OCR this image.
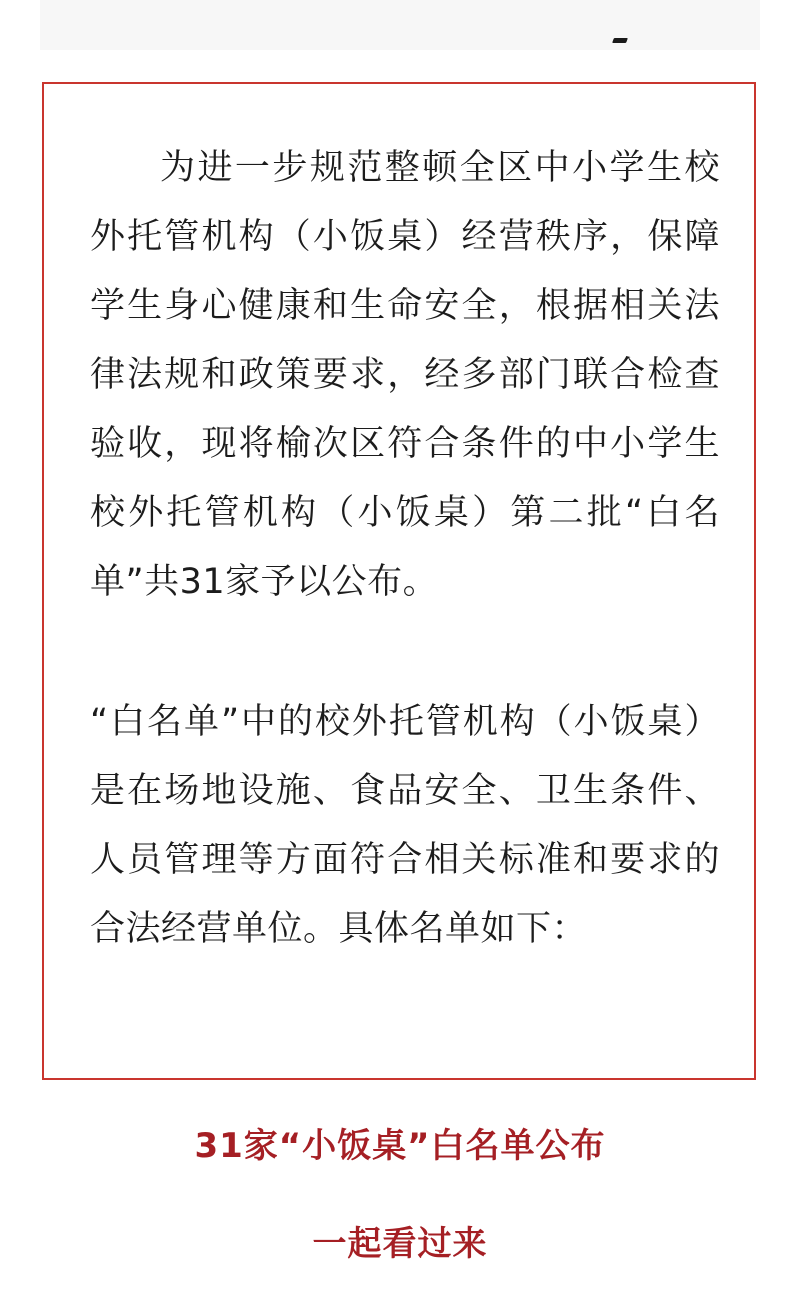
为进一步规范整顿全区中小学生校外托管机构（小饭桌）经营秩序，保障学生身心健康和生命安全，根据相关法律法规和政策要求，经多部门联合检查验收，现将榆次区符合条件的中小学生校外托管机构（小饭桌）第二批“白名单”共31家予以公布。

“白名单”中的校外托管机构（小饭桌）是在场地设施、食品安全、卫生条件、人员管理等方面符合相关标准和要求的合法经营单位。具体名单如下：

31家“小饭桌”白名单公布
一起看过来
